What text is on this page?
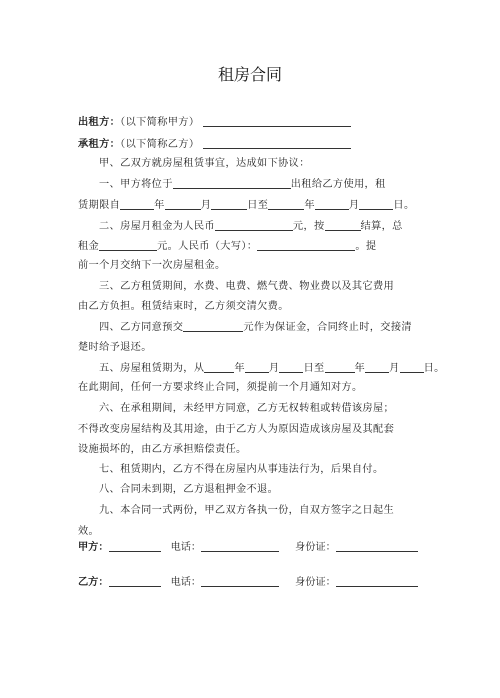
租房合同
出租方：（以下简称甲方）
承租方：（以下简称乙方）
甲、乙双方就房屋租赁事宜，达成如下协议：
一、甲方将位于	出租给乙方使用，租
赁期限自	年	月	日至	年	月	日。
二、房屋月租金为人民币	元，按	结算，总
租金	元。人民币（大写）：	。提
前一个月交纳下一次房屋租金。
三、乙方租赁期间，水费、电费、燃气费、物业费以及其它费用
由乙方负担。租赁结束时，乙方须交清欠费。
四、乙方同意预交	元作为保证金，合同终止时，交接清
楚时给予退还。
五、房屋租赁期为，从	年 月 日至	年 月 日。
在此期间，任何一方要求终止合同，须提前一个月通知对方。
六、在承租期间，未经甲方同意，乙方无权转租或转借该房屋；
不得改变房屋结构及其用途，由于乙方人为原因造成该房屋及其配套
设施损坏的，由乙方承担赔偿责任。
七、租赁期内，乙方不得在房屋内从事违法行为，后果自付。
八、合同未到期，乙方退租押金不退。
九、本合同一式两份，甲乙双方各执一份，自双方签字之日起生
效。
甲方：	电话：	身份证：
乙方：	电话：	身份证：
